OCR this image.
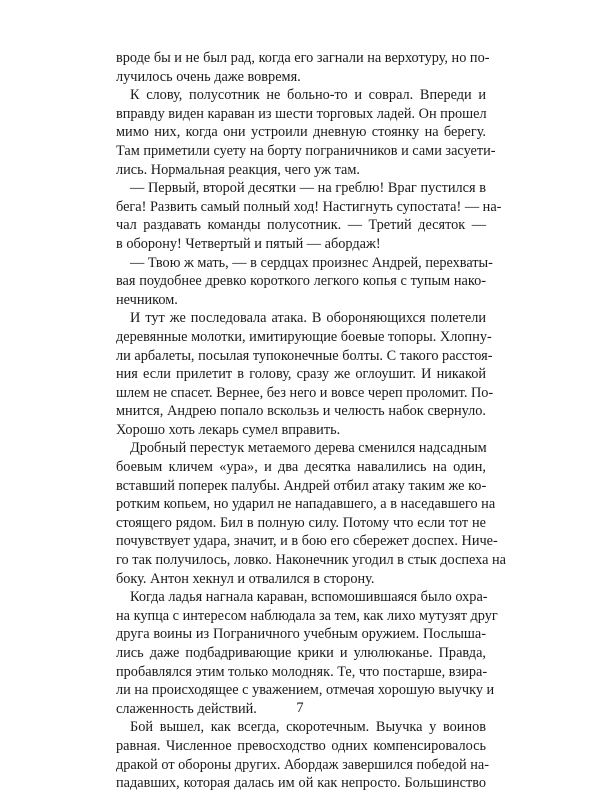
вроде бы и не был рад, когда его загнали на верхотуру, но по-
лучилось очень даже вовремя.
К слову, полусотник не больно-то и соврал. Впереди и
вправду виден караван из шести торговых ладей. Он прошел
мимо них, когда они устроили дневную стоянку на берегу.
Там приметили суету на борту пограничников и сами засуети-
лись. Нормальная реакция, чего уж там.
— Первый, второй десятки — на греблю! Враг пустился в
бега! Развить самый полный ход! Настигнуть супостата! — на-
чал раздавать команды полусотник. — Третий десяток —
в оборону! Четвертый и пятый — абордаж!
— Твою ж мать, — в сердцах произнес Андрей, перехваты-
вая поудобнее древко короткого легкого копья с тупым нако-
нечником.
И тут же последовала атака. В обороняющихся полетели
деревянные молотки, имитирующие боевые топоры. Хлопну-
ли арбалеты, посылая тупоконечные болты. С такого расстоя-
ния если прилетит в голову, сразу же оглоушит. И никакой
шлем не спасет. Вернее, без него и вовсе череп проломит. По-
мнится, Андрею попало вскользь и челюсть набок свернуло.
Хорошо хоть лекарь сумел вправить.
Дробный перестук метаемого дерева сменился надсадным
боевым кличем «ура», и два десятка навалились на один,
вставший поперек палубы. Андрей отбил атаку таким же ко-
ротким копьем, но ударил не нападавшего, а в наседавшего на
стоящего рядом. Бил в полную силу. Потому что если тот не
почувствует удара, значит, и в бою его сбережет доспех. Ничe-
го так получилось, ловко. Наконечник угодил в стык доспеха на
боку. Антон хекнул и отвалился в сторону.
Когда ладья нагнала караван, вспомошившаяся было охра-
на купца с интересом наблюдала за тем, как лихо мутузят друг
друга воины из Пограничного учебным оружием. Послыша-
лись даже подбадривающие крики и улюлюканье. Правда,
пробавлялся этим только молодняк. Те, что постарше, взира-
ли на происходящее с уважением, отмечая хорошую выучку и
слаженность действий.
Бой вышел, как всегда, скоротечным. Выучка у воинов
равная. Численное превосходство одних компенсировалось
дракой от обороны других. Абордаж завершился победой на-
падавших, которая далась им ой как непросто. Большинство
7
